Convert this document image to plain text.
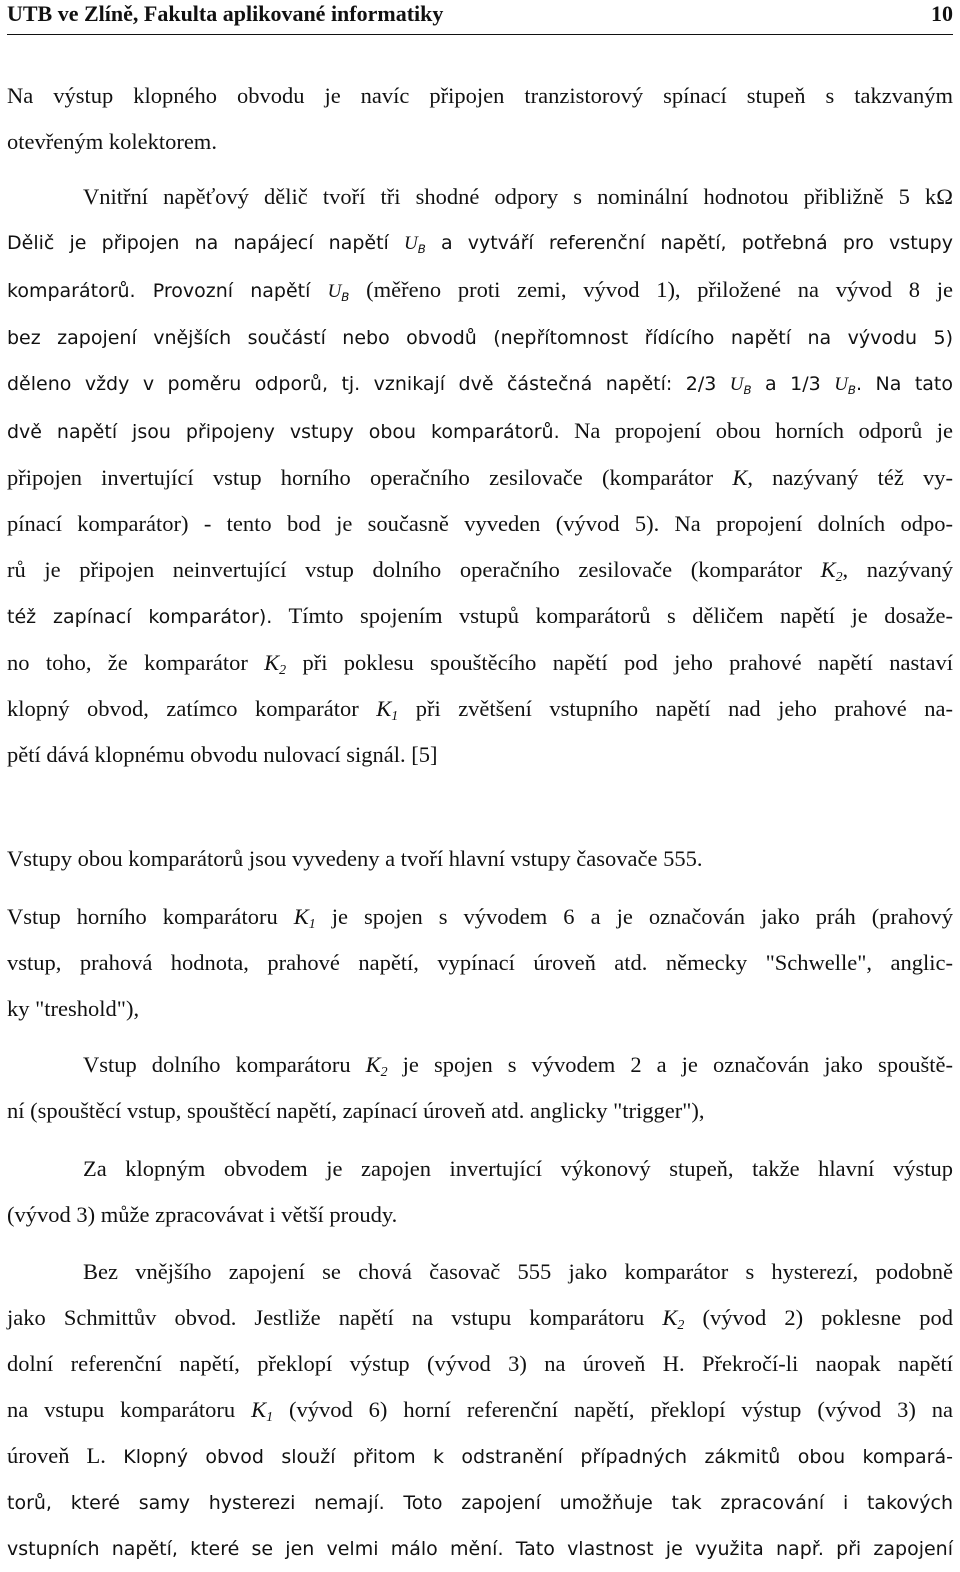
UTB ve Zlíně, Fakulta aplikované informatiky	10
Na výstup klopného obvodu je navíc připojen tranzistorový spínací stupeň s takzvaným
otevřeným kolektorem.
Vnitřní napěťový dělič tvoří tři shodné odpory s nominální hodnotou přibližně 5 kΩ
Dělič je připojen na napájecí napětí $U_B$ a vytváří referenční napětí, potřebná pro vstupy
komparátorů. Provozní napětí $U_B$ (měřeno proti zemi, vývod 1), přiložené na vývod 8 je
bez zapojení vnějších součástí nebo obvodů (nepřítomnost řídícího napětí na vývodu 5)
děleno vždy v poměru odporů, tj. vznikají dvě částečná napětí: 2/3 $U_B$ a 1/3 $U_B$. Na tato
dvě napětí jsou připojeny vstupy obou komparátorů. Na propojení obou horních odporů je
připojen invertující vstup horního operačního zesilovače (komparátor K, nazývaný též vy-
pínací komparátor) - tento bod je současně vyveden (vývod 5). Na propojení dolních odpo-
rů je připojen neinvertující vstup dolního operačního zesilovače (komparátor $K_2$, nazývaný
též zapínací komparátor). Tímto spojením vstupů komparátorů s děličem napětí je dosaže-
no toho, že komparátor $K_2$ při poklesu spouštěcího napětí pod jeho prahové napětí nastaví
klopný obvod, zatímco komparátor $K_1$ při zvětšení vstupního napětí nad jeho prahové na-
pětí dává klopnému obvodu nulovací signál. [5]
Vstupy obou komparátorů jsou vyvedeny a tvoří hlavní vstupy časovače 555.
Vstup horního komparátoru $K_1$ je spojen s vývodem 6 a je označován jako práh (prahový
vstup, prahová hodnota, prahové napětí, vypínací úroveň atd. německy "Schwelle", anglic-
ky "treshold"),
Vstup dolního komparátoru $K_2$ je spojen s vývodem 2 a je označován jako spouště-
ní (spouštěcí vstup, spouštěcí napětí, zapínací úroveň atd. anglicky "trigger"),
Za klopným obvodem je zapojen invertující výkonový stupeň, takže hlavní výstup
(vývod 3) může zpracovávat i větší proudy.
Bez vnějšího zapojení se chová časovač 555 jako komparátor s hysterezí, podobně
jako Schmittův obvod. Jestliže napětí na vstupu komparátoru $K_2$ (vývod 2) poklesne pod
dolní referenční napětí, překlopí výstup (vývod 3) na úroveň H. Překročí-li naopak napětí
na vstupu komparátoru $K_1$ (vývod 6) horní referenční napětí, překlopí výstup (vývod 3) na
úroveň L. Klopný obvod slouží přitom k odstranění případných zákmitů obou kompará-
torů, které samy hysterezi nemají. Toto zapojení umožňuje tak zpracování i takových
vstupních napětí, které se jen velmi málo mění. Tato vlastnost je využita např. při zapojení
